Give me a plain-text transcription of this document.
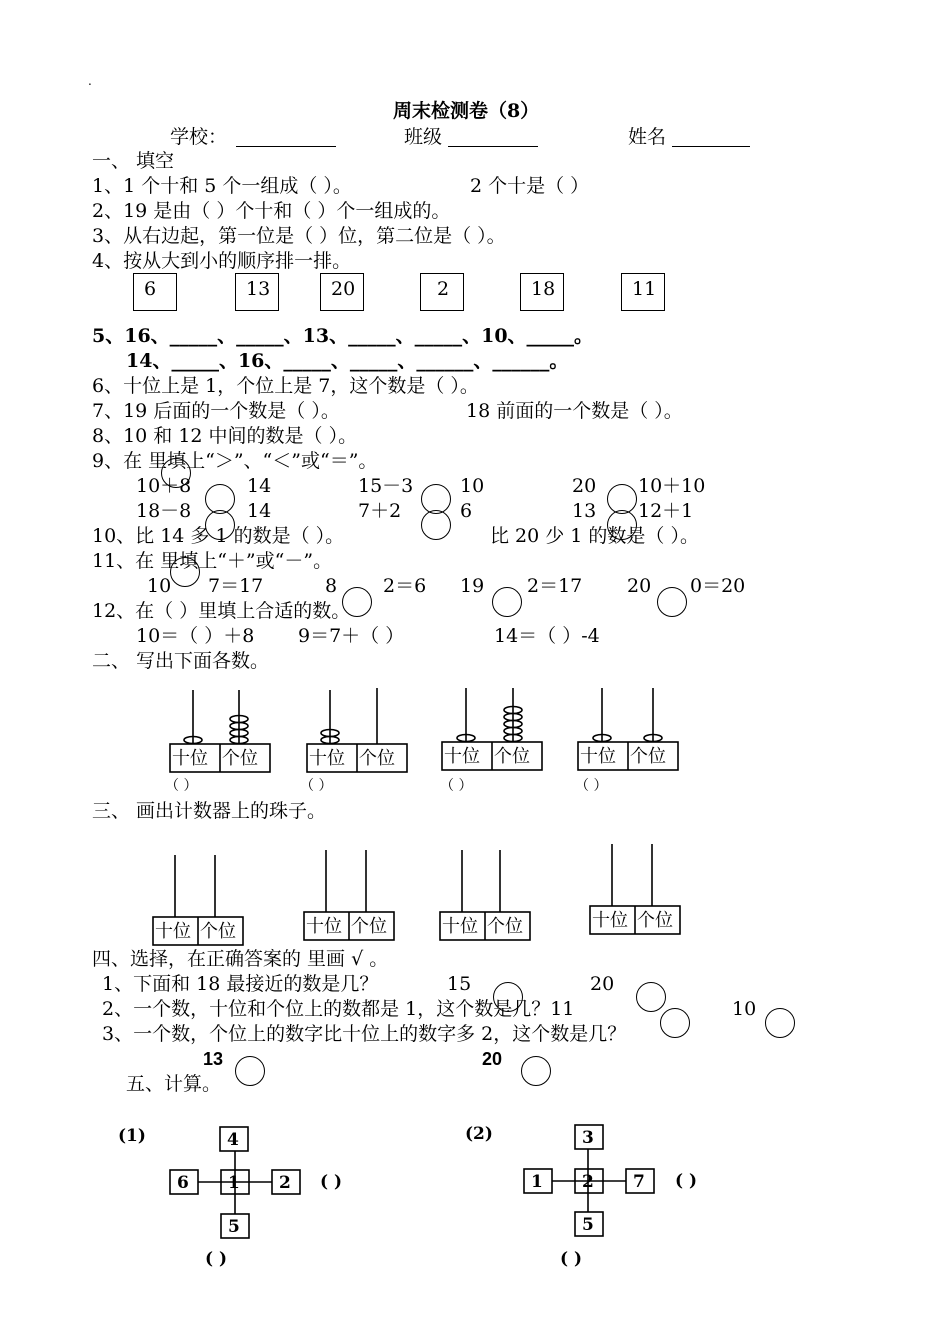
.
周末检测卷（8）
学校：	班级	姓名
一、 填空
1、1 个十和 5 个一组成（ ）。	2 个十是（ ）
2、19 是由（ ）个十和（ ）个一组成的。
3、从右边起，第一位是（ ）位，第二位是（ ）。
4、按从大到小的顺序排一排。
6	13	20	2	18	11
5、16、_____、_____、13、_____、_____、10、_____。
14、_____、16、_____、_____、______、______。
6、十位上是 1，个位上是 7，这个数是（ ）。
7、19 后面的一个数是（ ）。	18 前面的一个数是（ ）。
8、10 和 12 中间的数是（ ）。
9、在 里填上“＞”、“＜”或“＝”。
10＋8	14	15－3 10	20 10＋10
18－8	14	7＋2	6	13 12＋1
10、比 14 多 1 的数是（ ）。	比 20 少 1 的数是（ ）。
11、在 里填上“＋”或“－”。
10 7＝17	8 2＝6 19 2＝17 20 0＝20
12、在（ ）里填上合适的数。
10＝（ ）＋8 9＝7＋（ ）	14＝（ ）-4
二、 写出下面各数。
十位 个位	十位 个位	十位 个位	十位 个位
（ ）	（ ）	（ ）	（ ）
三、 画出计数器上的珠子。
十位 个位	十位 个位	十位 个位	十位 个位
四、选择，在正确答案的 里画 √ 。
1、下面和 18 最接近的数是几？	15	20
2、一个数，十位和个位上的数都是 1，这个数是几？11	10
3、一个数，个位上的数字比十位上的数字多 2，这个数是几？
13	20
五、计算。
(1)	4
6 1 2
5
( )
( )
(2)	3
1 2 7
5
( )
( )
